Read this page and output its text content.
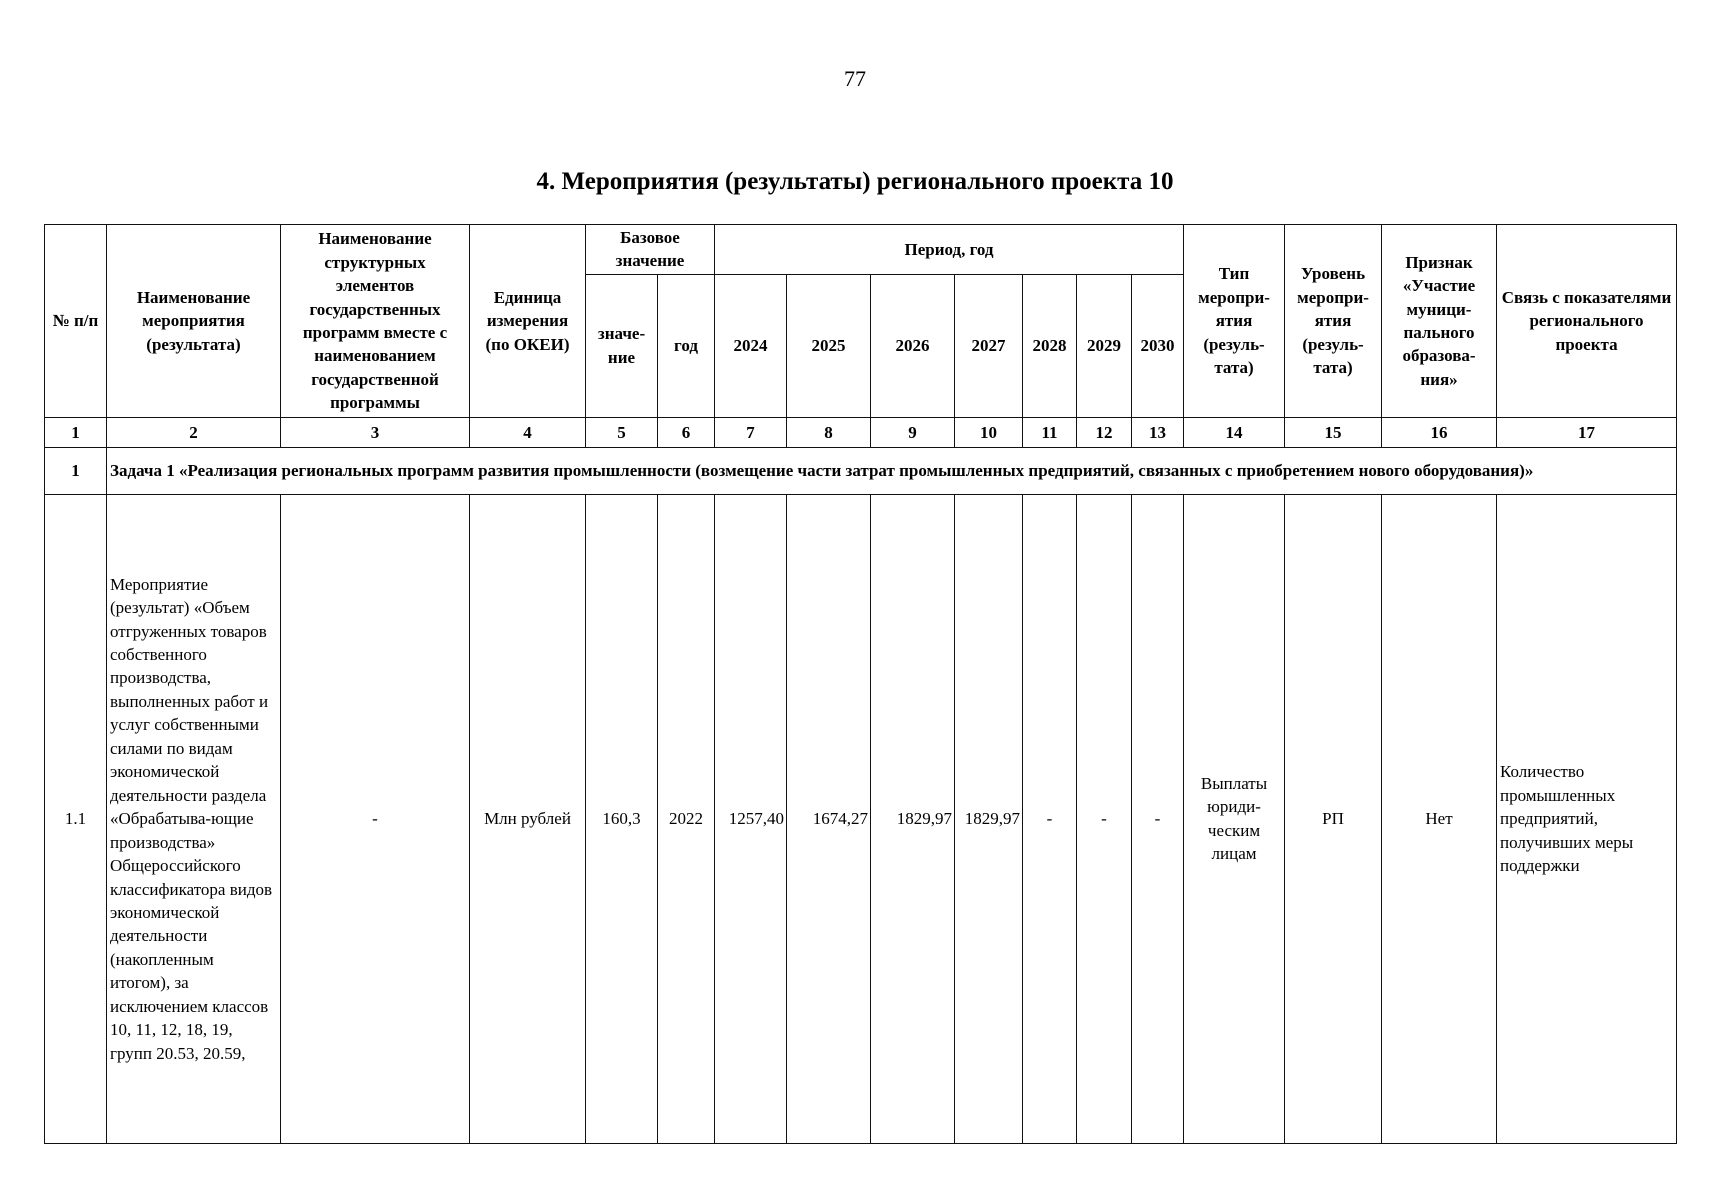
77
4. Мероприятия (результаты) регионального проекта 10
№ п/п	Наименование мероприятия (результата)	Наименование структурных элементов государственных программ вместе с наименованием государственной программы	Единица измерения (по ОКЕИ)	Базовое значение		Период, год							Тип меропри-ятия (резуль-тата)	Уровень меропри-ятия (резуль-тата)	Признак «Участие муници-пального образова-ния»	Связь с показателями регионального проекта
				значе-ние	год	2024	2025	2026	2027	2028	2029	2030				
1	2	3	4	5	6	7	8	9	10	11	12	13	14	15	16	17
1	Задача 1 «Реализация региональных программ развития промышленности (возмещение части затрат промышленных предприятий, связанных с приобретением нового оборудования)»															
1.1	Мероприятие (результат) «Объем отгруженных товаров собственного производства, выполненных работ и услуг собственными силами по видам экономической деятельности раздела «Обрабатыва-ющие производства» Общероссийского классификатора видов экономической деятельности (накопленным итогом), за исключением классов 10, 11, 12, 18, 19, групп 20.53, 20.59,	-	Млн рублей	160,3	2022	1257,40	1674,27	1829,97	1829,97	-	-	-	Выплаты юриди-ческим лицам	РП	Нет	Количество промышленных предприятий, получивших меры поддержки
